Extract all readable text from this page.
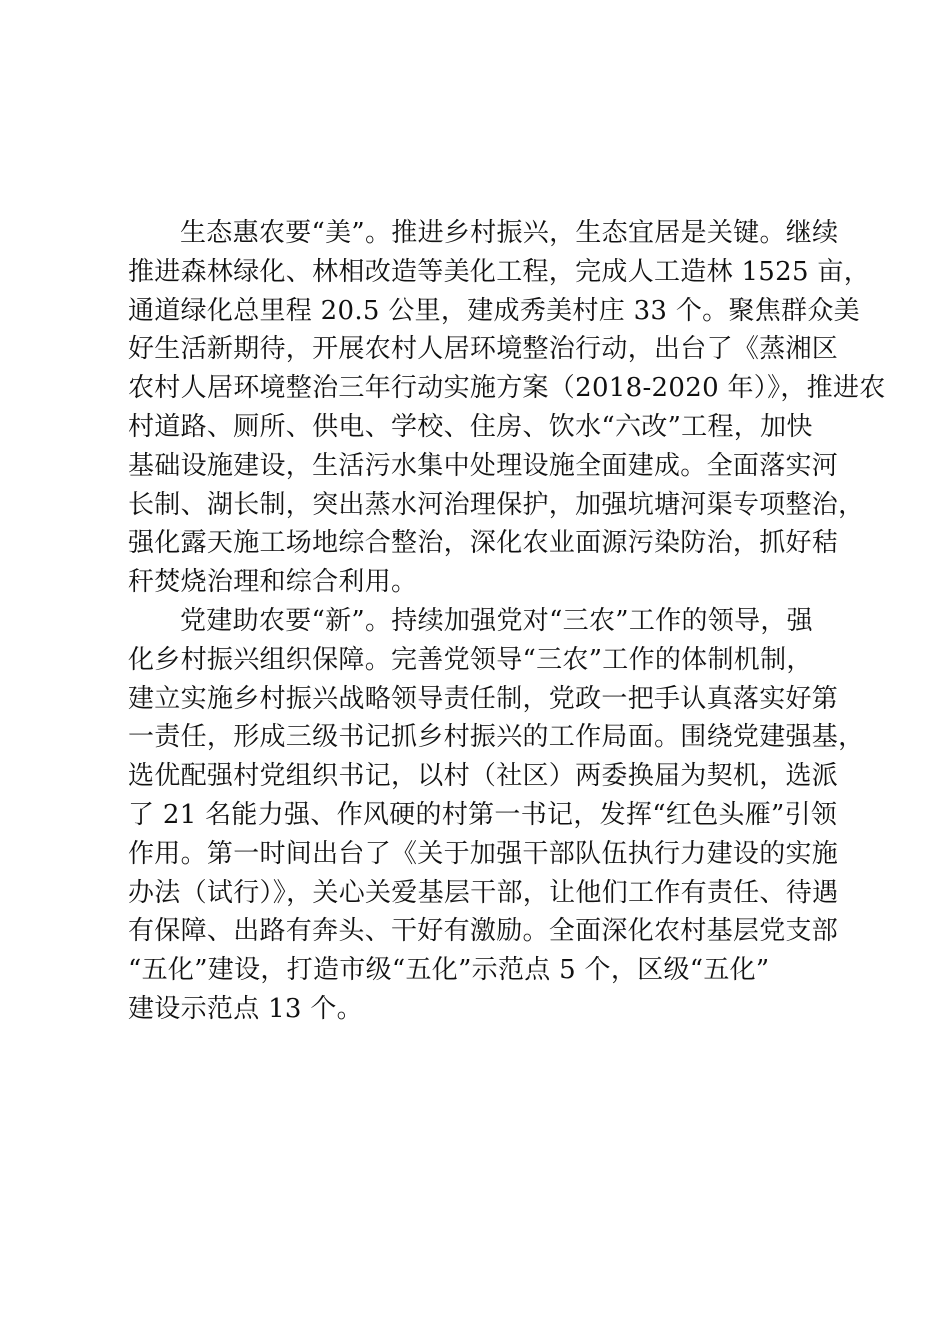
生态惠农要“美”。推进乡村振兴，生态宜居是关键。继续
推进森林绿化、林相改造等美化工程，完成人工造林 1525 亩，
通道绿化总里程 20.5 公里，建成秀美村庄 33 个。聚焦群众美
好生活新期待，开展农村人居环境整治行动，出台了《蒸湘区
农村人居环境整治三年行动实施方案（2018-2020 年）》，推进农
村道路、厕所、供电、学校、住房、饮水“六改”工程，加快
基础设施建设，生活污水集中处理设施全面建成。全面落实河
长制、湖长制，突出蒸水河治理保护，加强坑塘河渠专项整治，
强化露天施工场地综合整治，深化农业面源污染防治，抓好秸
秆焚烧治理和综合利用。
党建助农要“新”。持续加强党对“三农”工作的领导，强
化乡村振兴组织保障。完善党领导“三农”工作的体制机制，
建立实施乡村振兴战略领导责任制，党政一把手认真落实好第
一责任，形成三级书记抓乡村振兴的工作局面。围绕党建强基，
选优配强村党组织书记，以村（社区）两委换届为契机，选派
了 21 名能力强、作风硬的村第一书记，发挥“红色头雁”引领
作用。第一时间出台了《关于加强干部队伍执行力建设的实施
办法（试行）》，关心关爱基层干部，让他们工作有责任、待遇
有保障、出路有奔头、干好有激励。全面深化农村基层党支部
“五化”建设，打造市级“五化”示范点 5 个，区级“五化”
建设示范点 13 个。
